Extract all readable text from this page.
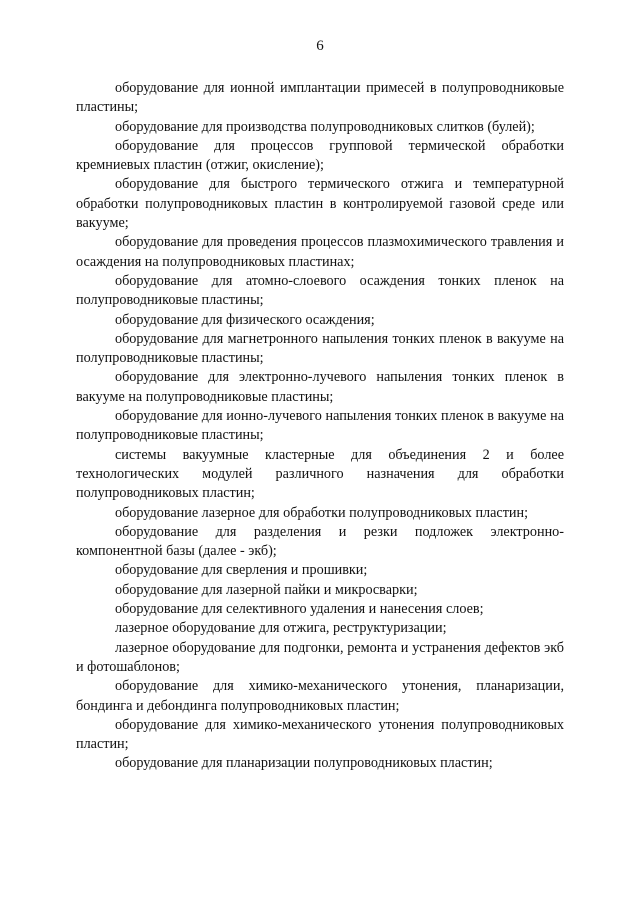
6

оборудование для ионной имплантации примесей в полупроводниковые пластины;

оборудование для производства полупроводниковых слитков (булей);

оборудование для процессов групповой термической обработки кремниевых пластин (отжиг, окисление);

оборудование для быстрого термического отжига и температурной обработки полупроводниковых пластин в контролируемой газовой среде или вакууме;

оборудование для проведения процессов плазмохимического травления и осаждения на полупроводниковых пластинах;

оборудование для атомно-слоевого осаждения тонких пленок на полупроводниковые пластины;

оборудование для физического осаждения;

оборудование для магнетронного напыления тонких пленок в вакууме на полупроводниковые пластины;

оборудование для электронно-лучевого напыления тонких пленок в вакууме на полупроводниковые пластины;

оборудование для ионно-лучевого напыления тонких пленок в вакууме на полупроводниковые пластины;

системы вакуумные кластерные для объединения 2 и более технологических модулей различного назначения для обработки полупроводниковых пластин;

оборудование лазерное для обработки полупроводниковых пластин;

оборудование для разделения и резки подложек электронно-компонентной базы (далее - экб);

оборудование для сверления и прошивки;

оборудование для лазерной пайки и микросварки;

оборудование для селективного удаления и нанесения слоев;

лазерное оборудование для отжига, реструктуризации;

лазерное оборудование для подгонки, ремонта и устранения дефектов экб и фотошаблонов;

оборудование для химико-механического утонения, планаризации, бондинга и дебондинга полупроводниковых пластин;

оборудование для химико-механического утонения полупроводниковых пластин;

оборудование для планаризации полупроводниковых пластин;
